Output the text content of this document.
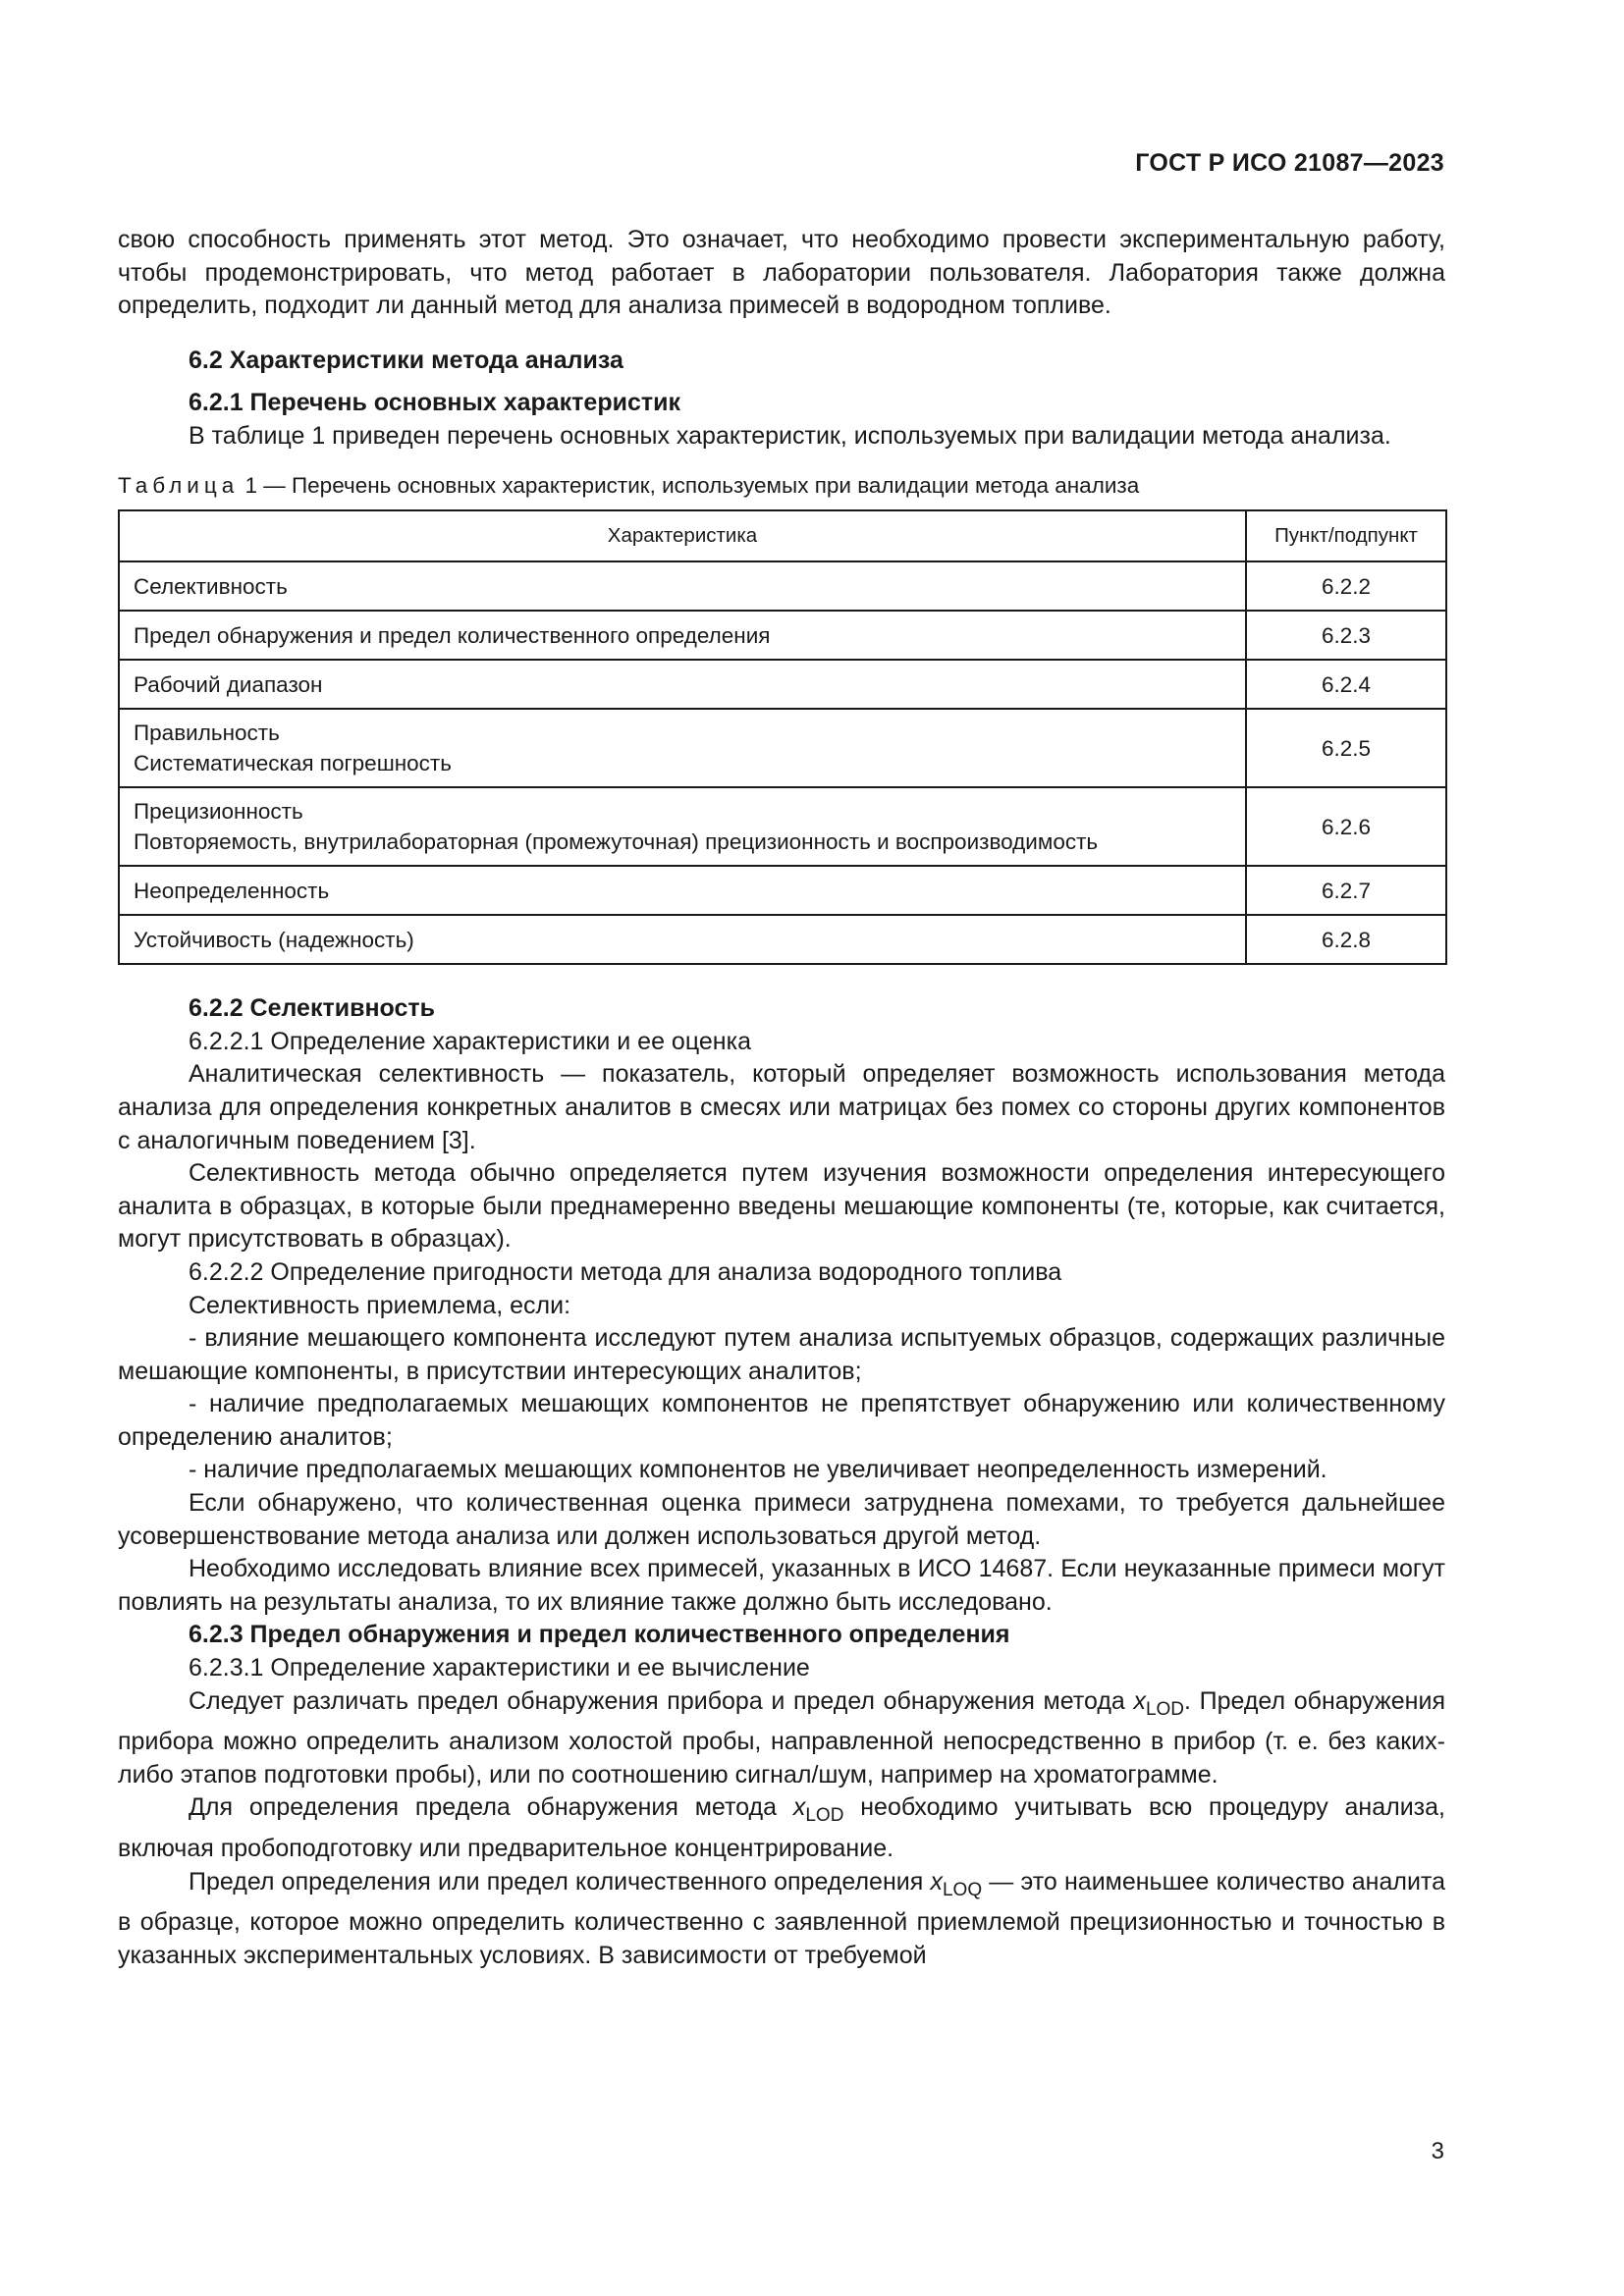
ГОСТ Р ИСО 21087—2023

свою способность применять этот метод. Это означает, что необходимо провести экспериментальную работу, чтобы продемонстрировать, что метод работает в лаборатории пользователя. Лаборатория также должна определить, подходит ли данный метод для анализа примесей в водородном топливе.

6.2 Характеристики метода анализа

6.2.1 Перечень основных характеристик

В таблице 1 приведен перечень основных характеристик, используемых при валидации метода анализа.

Таблица 1 — Перечень основных характеристик, используемых при валидации метода анализа

Характеристика	Пункт/подпункт
Селективность	6.2.2
Предел обнаружения и предел количественного определения	6.2.3
Рабочий диапазон	6.2.4
Правильность
Систематическая погрешность	6.2.5
Прецизионность
Повторяемость, внутрилабораторная (промежуточная) прецизионность и воспроизводимость	6.2.6
Неопределенность	6.2.7
Устойчивость (надежность)	6.2.8

6.2.2 Селективность

6.2.2.1 Определение характеристики и ее оценка

Аналитическая селективность — показатель, который определяет возможность использования метода анализа для определения конкретных аналитов в смесях или матрицах без помех со стороны других компонентов с аналогичным поведением [3].

Селективность метода обычно определяется путем изучения возможности определения интересующего аналита в образцах, в которые были преднамеренно введены мешающие компоненты (те, которые, как считается, могут присутствовать в образцах).

6.2.2.2 Определение пригодности метода для анализа водородного топлива

Селективность приемлема, если:

- влияние мешающего компонента исследуют путем анализа испытуемых образцов, содержащих различные мешающие компоненты, в присутствии интересующих аналитов;

- наличие предполагаемых мешающих компонентов не препятствует обнаружению или количественному определению аналитов;

- наличие предполагаемых мешающих компонентов не увеличивает неопределенность измерений.

Если обнаружено, что количественная оценка примеси затруднена помехами, то требуется дальнейшее усовершенствование метода анализа или должен использоваться другой метод.

Необходимо исследовать влияние всех примесей, указанных в ИСО 14687. Если неуказанные примеси могут повлиять на результаты анализа, то их влияние также должно быть исследовано.

6.2.3 Предел обнаружения и предел количественного определения

6.2.3.1 Определение характеристики и ее вычисление

Следует различать предел обнаружения прибора и предел обнаружения метода $x_{LOD}$. Предел обнаружения прибора можно определить анализом холостой пробы, направленной непосредственно в прибор (т. е. без каких-либо этапов подготовки пробы), или по соотношению сигнал/шум, например на хроматограмме.

Для определения предела обнаружения метода $x_{LOD}$ необходимо учитывать всю процедуру анализа, включая пробоподготовку или предварительное концентрирование.

Предел определения или предел количественного определения $x_{LOQ}$ — это наименьшее количество аналита в образце, которое можно определить количественно с заявленной приемлемой прецизионностью и точностью в указанных экспериментальных условиях. В зависимости от требуемой

3
